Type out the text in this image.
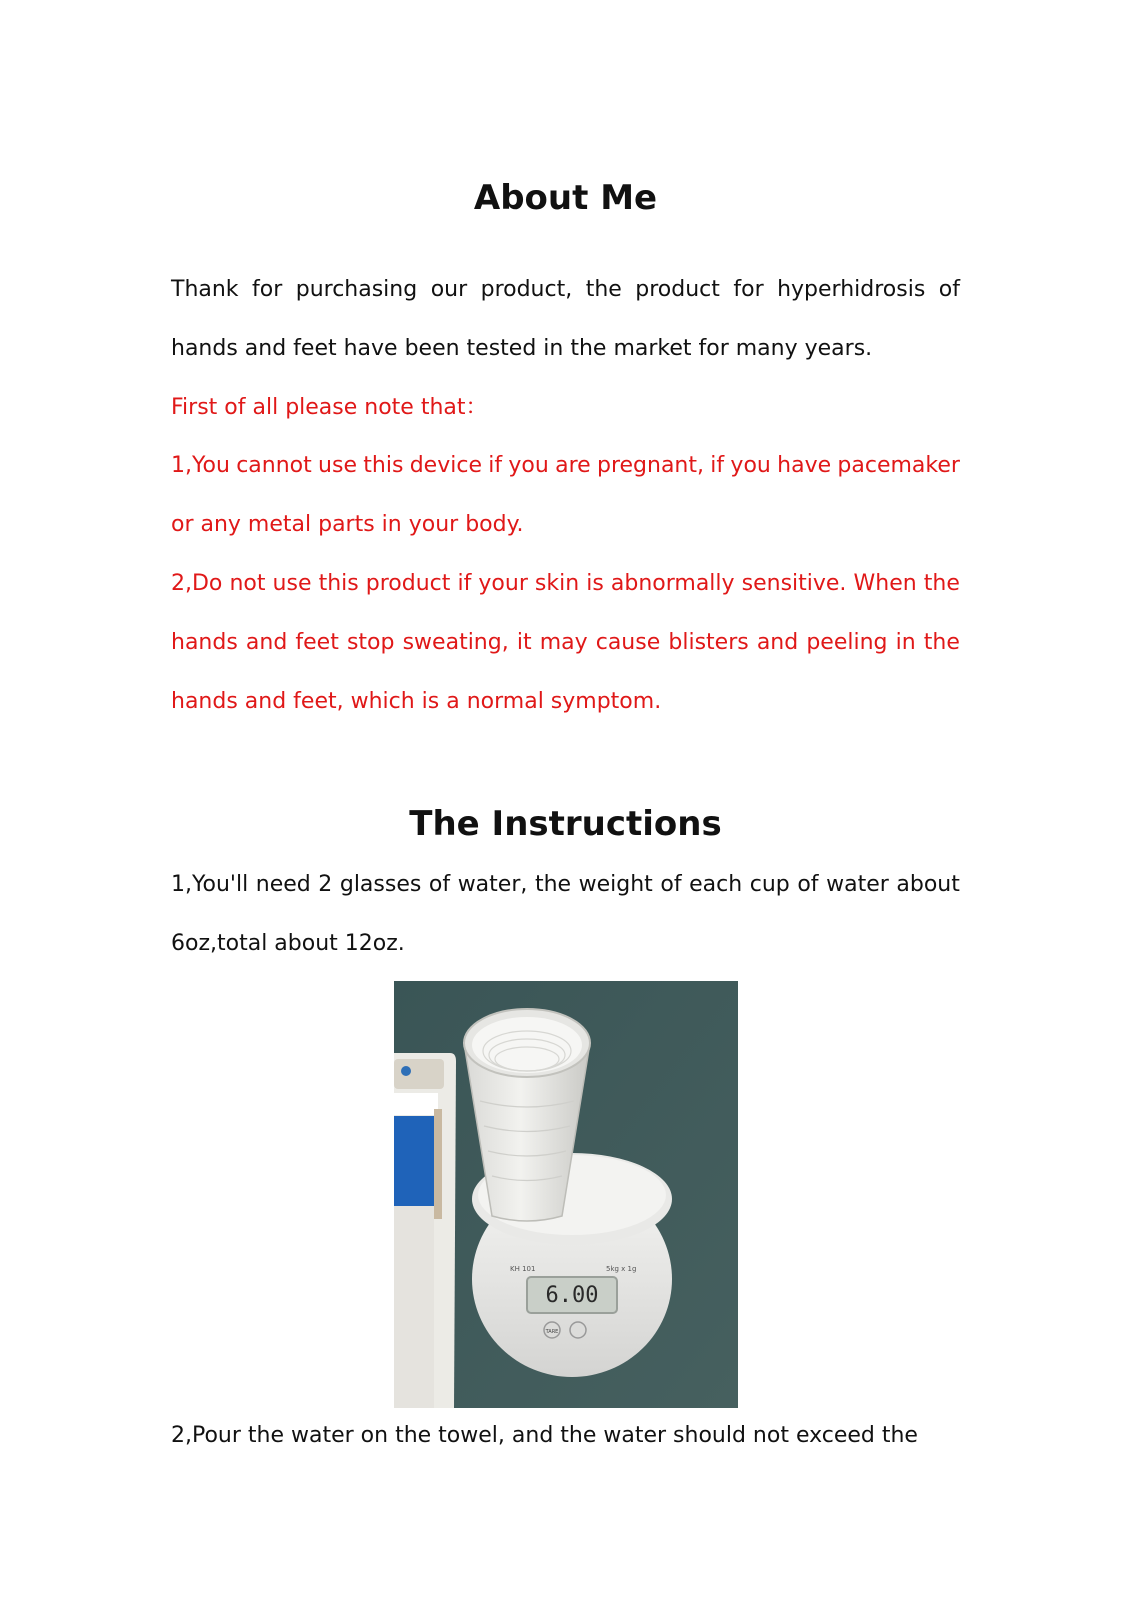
About Me
Thank for purchasing our product, the product for hyperhidrosis of
hands and feet have been tested in the market for many years.
First of all please note that：
1,You cannot use this device if you are pregnant, if you have pacemaker
or any metal parts in your body.
2,Do not use this product if your skin is abnormally sensitive. When the
hands and feet stop sweating, it may cause blisters and peeling in the
hands and feet, which is a normal symptom.
The Instructions
1,You'll need 2 glasses of water, the weight of each cup of water about
6oz,total about 12oz.
6.00
KH 101	5kg x 1g
TARE
2,Pour the water on the towel, and the water should not exceed the
